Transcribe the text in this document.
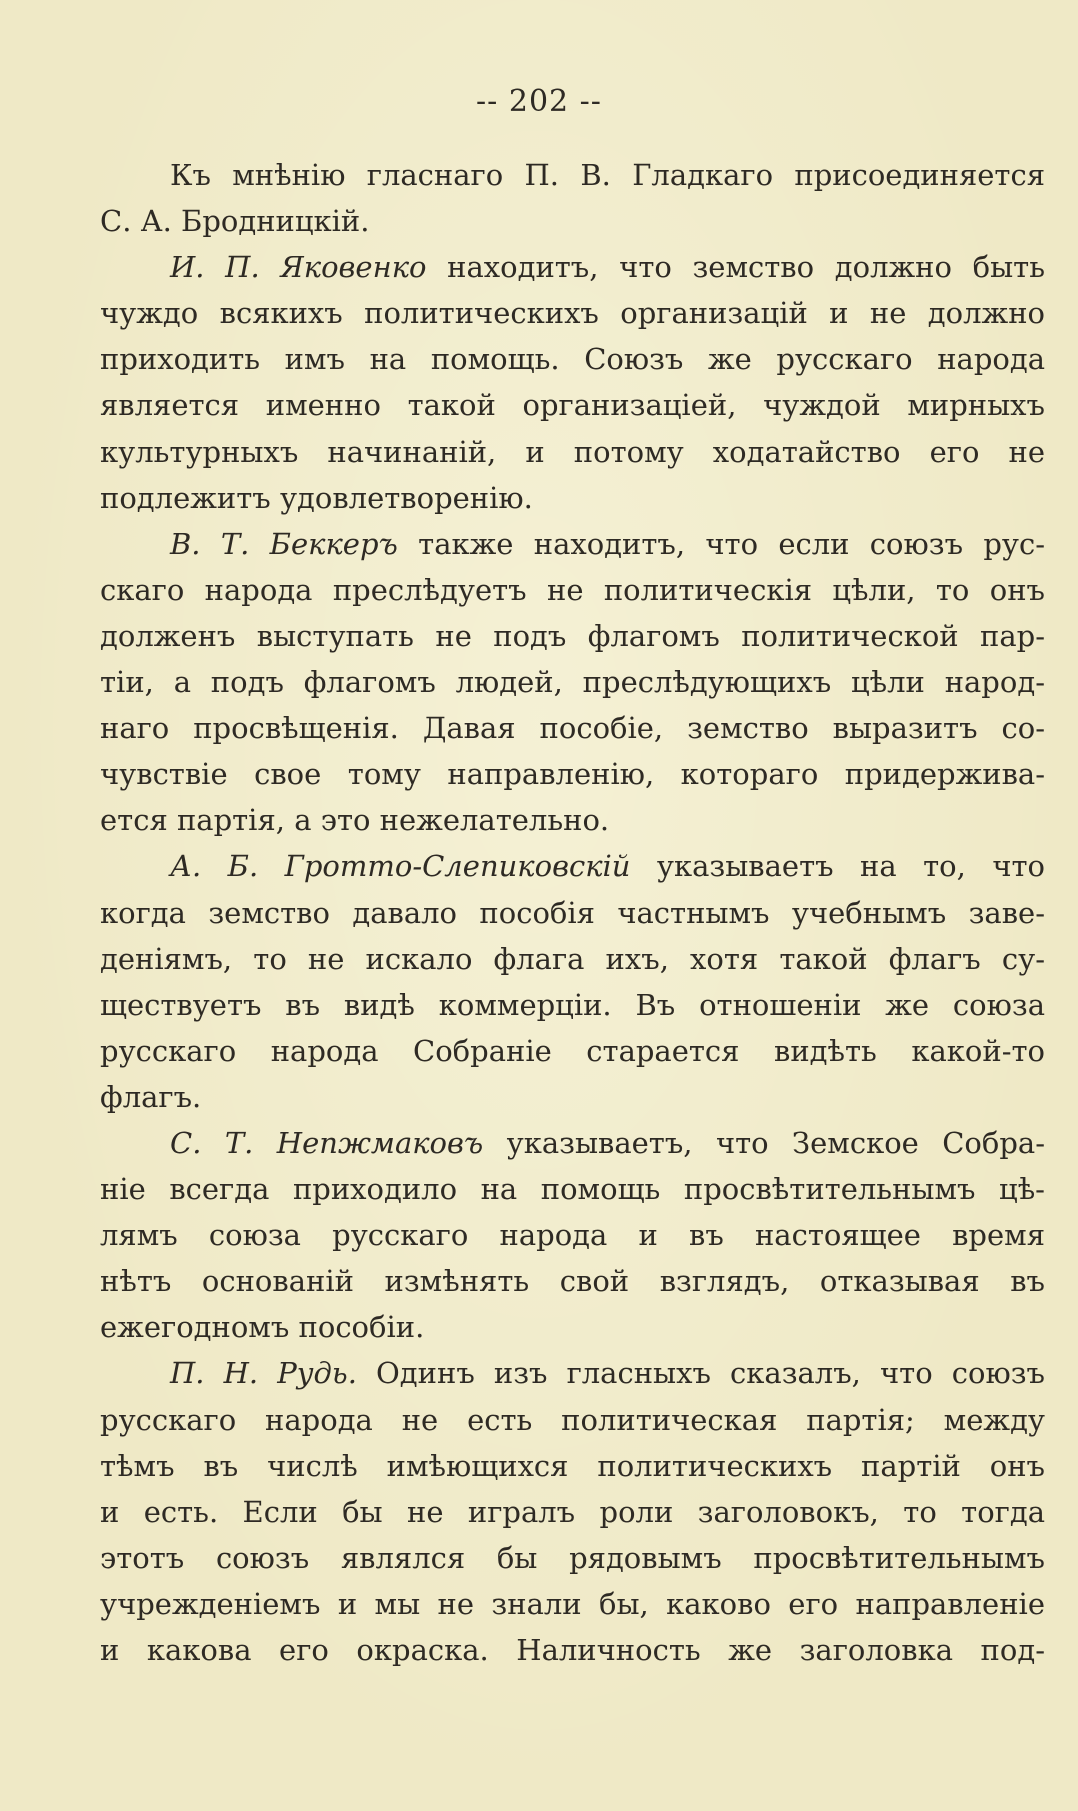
-- 202 --
Къ мнѣнію гласнаго П. В. Гладкаго присоединяется
С. А. Бродницкій.
И. П. Яковенко находитъ, что земство должно быть
чуждо всякихъ политическихъ организацій и не должно
приходить имъ на помощь. Союзъ же русскаго народа
является именно такой организаціей, чуждой мирныхъ
культурныхъ начинаній, и потому ходатайство его не
подлежитъ удовлетворенію.
В. Т. Беккеръ также находитъ, что если союзъ рус-
скаго народа преслѣдуетъ не политическія цѣли, то онъ
долженъ выступать не подъ флагомъ политической пар-
тіи, а подъ флагомъ людей, преслѣдующихъ цѣли народ-
наго просвѣщенія. Давая пособіе, земство выразитъ со-
чувствіе свое тому направленію, котораго придержива-
ется партія, а это нежелательно.
А. Б. Гротто-Слепиковскій указываетъ на то, что
когда земство давало пособія частнымъ учебнымъ заве-
деніямъ, то не искало флага ихъ, хотя такой флагъ су-
ществуетъ въ видѣ коммерціи. Въ отношеніи же союза
русскаго народа Собраніе старается видѣть какой-то
флагъ.
С. Т. Непжмаковъ указываетъ, что Земское Собра-
ніе всегда приходило на помощь просвѣтительнымъ цѣ-
лямъ союза русскаго народа и въ настоящее время
нѣтъ основаній измѣнять свой взглядъ, отказывая въ
ежегодномъ пособіи.
П. Н. Рудь. Одинъ изъ гласныхъ сказалъ, что союзъ
русскаго народа не есть политическая партія; между
тѣмъ въ числѣ имѣющихся политическихъ партій онъ
и есть. Если бы не игралъ роли заголовокъ, то тогда
этотъ союзъ являлся бы рядовымъ просвѣтительнымъ
учрежденіемъ и мы не знали бы, каково его направленіе
и какова его окраска. Наличность же заголовка под-
